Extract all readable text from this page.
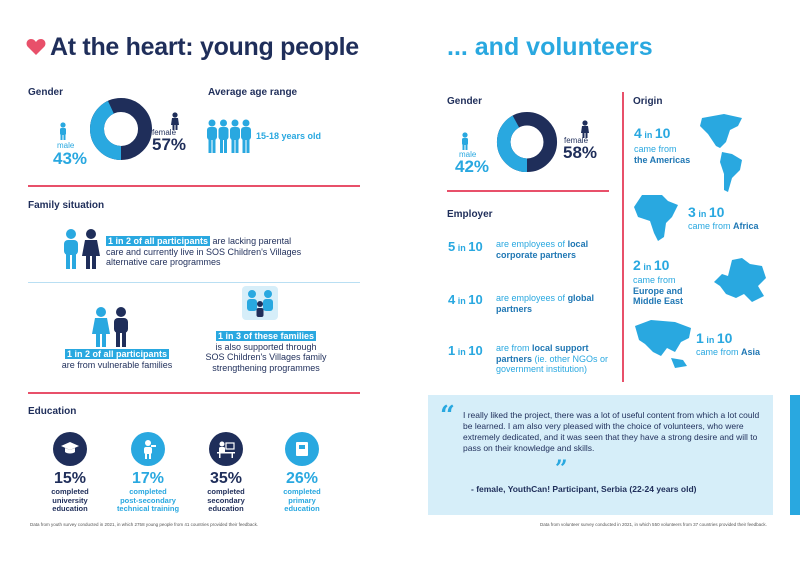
At the heart: young people
Gender
male
43%
female
57%
Average age range
15-18 years old
Family situation
1 in 2 of all participants are lacking parental
care and currently live in SOS Children's Villages
alternative care programmes
1 in 2 of all participants
are from vulnerable families
1 in 3 of these families
is also supported through
SOS Children's Villages family
strengthening programmes
Education
15%
completed
university
education
17%
completed
post-secondary
technical training
35%
completed
secondary
education
26%
completed
primary
education
Data from youth survey conducted in 2021, in which 2758 young people from 41 countries provided their feedback.
... and volunteers
Gender
male
42%
female
58%
Employer
5 in 10 are employees of local corporate partners
4 in 10 are employees of global partners
1 in 10 are from local support partners (ie. other NGOs or government institution)
Origin
4 in 10
came from
the Americas
3 in 10
came from Africa
2 in 10
came from
Europe and Middle East
1 in 10
came from Asia
“ I really liked the project, there was a lot of useful content from which a lot could be learned. I am also very pleased with the choice of volunteers, who were extremely dedicated, and it was seen that they have a strong desire and will to pass on their knowledge and skills.
”
- female, YouthCan! Participant, Serbia (22-24 years old)
Data from volunteer survey conducted in 2021, in which 550 volunteers from 37 countries provided their feedback.
